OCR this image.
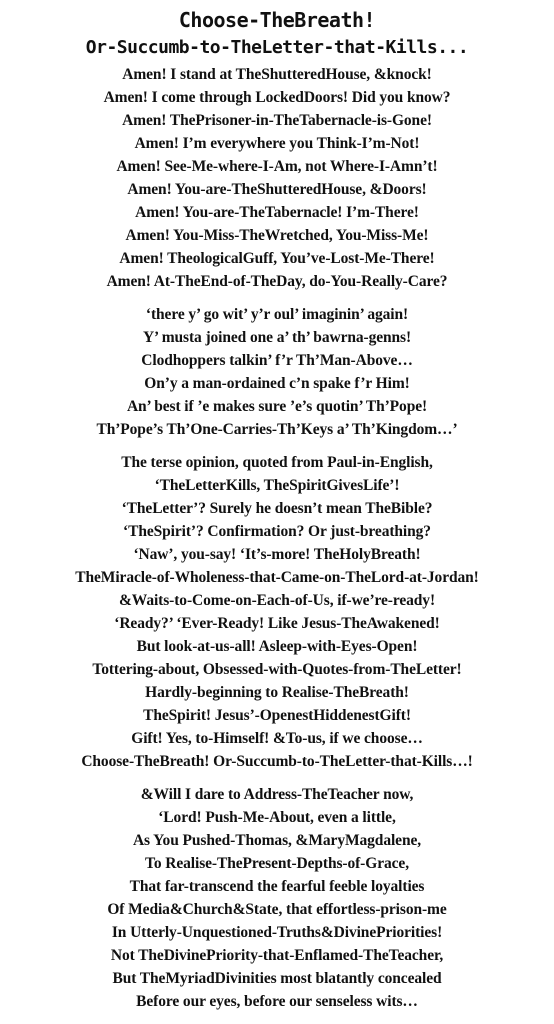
Choose-TheBreath!
Or-Succumb-to-TheLetter-that-Kills...
Amen! I stand at TheShutteredHouse, &knock!
Amen! I come through LockedDoors! Did you know?
Amen! ThePrisoner-in-TheTabernacle-is-Gone!
Amen! I’m everywhere you Think-I’m-Not!
Amen! See-Me-where-I-Am, not Where-I-Amn’t!
Amen! You-are-TheShutteredHouse, &Doors!
Amen! You-are-TheTabernacle! I’m-There!
Amen! You-Miss-TheWretched, You-Miss-Me!
Amen! TheologicalGuff, You’ve-Lost-Me-There!
Amen! At-TheEnd-of-TheDay, do-You-Really-Care?
‘there y’ go wit’ y’r oul’ imaginin’ again!
Y’ musta joined one a’ th’ bawrna-genns!
Clodhoppers talkin’ f’r Th’Man-Above…
On’y a man-ordained c’n spake f’r Him!
An’ best if ’e makes sure ’e’s quotin’ Th’Pope!
Th’Pope’s Th’One-Carries-Th’Keys a’ Th’Kingdom…’
The terse opinion, quoted from Paul-in-English,
‘TheLetterKills, TheSpiritGivesLife’!
‘TheLetter’? Surely he doesn’t mean TheBible?
‘TheSpirit’? Confirmation? Or just-breathing?
‘Naw’, you-say! ‘It’s-more! TheHolyBreath!
TheMiracle-of-Wholeness-that-Came-on-TheLord-at-Jordan!
&Waits-to-Come-on-Each-of-Us, if-we’re-ready!
‘Ready?’ ‘Ever-Ready! Like Jesus-TheAwakened!
But look-at-us-all! Asleep-with-Eyes-Open!
Tottering-about, Obsessed-with-Quotes-from-TheLetter!
Hardly-beginning to Realise-TheBreath!
TheSpirit! Jesus’-OpenestHiddenestGift!
Gift! Yes, to-Himself! &To-us, if we choose…
Choose-TheBreath! Or-Succumb-to-TheLetter-that-Kills…!
&Will I dare to Address-TheTeacher now,
‘Lord! Push-Me-About, even a little,
As You Pushed-Thomas, &MaryMagdalene,
To Realise-ThePresent-Depths-of-Grace,
That far-transcend the fearful feeble loyalties
Of Media&Church&State, that effortless-prison-me
In Utterly-Unquestioned-Truths&DivinePriorities!
Not TheDivinePriority-that-Enflamed-TheTeacher,
But TheMyriadDivinities most blatantly concealed
Before our eyes, before our senseless wits…
